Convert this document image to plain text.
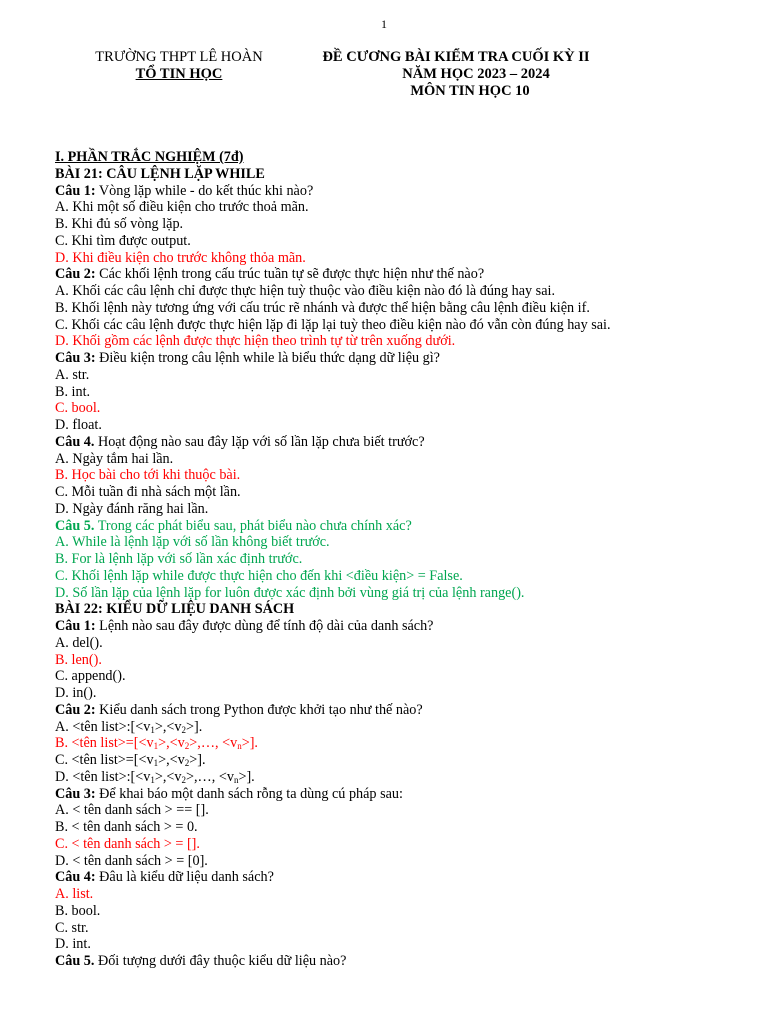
1
TRƯỜNG THPT LÊ HOÀN
TỔ TIN HỌC
ĐỀ CƯƠNG BÀI KIỂM TRA CUỐI KỲ II
NĂM HỌC 2023 – 2024
MÔN TIN HỌC 10
I. PHẦN TRẮC NGHIỆM (7đ)
BÀI 21: CÂU LỆNH LẶP WHILE
Câu 1: Vòng lặp while - do kết thúc khi nào?
A. Khi một số điều kiện cho trước thoả mãn.
B. Khi đủ số vòng lặp.
C. Khi tìm được output.
D. Khi điều kiện cho trước không thỏa mãn.
Câu 2: Các khối lệnh trong cấu trúc tuần tự sẽ được thực hiện như thế nào?
A. Khối các câu lệnh chỉ được thực hiện tuỳ thuộc vào điều kiện nào đó là đúng hay sai.
B. Khối lệnh này tương ứng với cấu trúc rẽ nhánh và được thể hiện bằng câu lệnh điều kiện if.
C. Khối các câu lệnh được thực hiện lặp đi lặp lại tuỳ theo điều kiện nào đó vẫn còn đúng hay sai.
D. Khối gồm các lệnh được thực hiện theo trình tự từ trên xuống dưới.
Câu 3: Điều kiện trong câu lệnh while là biểu thức dạng dữ liệu gì?
A. str.
B. int.
C. bool.
D. float.
Câu 4. Hoạt động nào sau đây lặp với số lần lặp chưa biết trước?
A. Ngày tắm hai lần.
B. Học bài cho tới khi thuộc bài.
C. Mỗi tuần đi nhà sách một lần.
D. Ngày đánh răng hai lần.
Câu 5. Trong các phát biểu sau, phát biểu nào chưa chính xác?
A. While là lệnh lặp với số lần không biết trước.
B. For là lệnh lặp với số lần xác định trước.
C. Khối lệnh lặp while được thực hiện cho đến khi <điều kiện> = False.
D. Số lần lặp của lệnh lặp for luôn được xác định bởi vùng giá trị của lệnh range().
BÀI 22: KIỂU DỮ LIỆU DANH SÁCH
Câu 1: Lệnh nào sau đây được dùng để tính độ dài của danh sách?
A. del().
B. len().
C. append().
D. in().
Câu 2: Kiểu danh sách trong Python được khởi tạo như thế nào?
A. <tên $list>:[<v_1>,<v_2>]$.
B. <tên $list>=[<v_1>,<v_2>,\dots$, $<v_n>$].
C. <tên $list>=[<v_1>,<v_2>]$.
D. <tên $list>:[<v_1>,<v_2>,\dots$, $<v_n>$].
Câu 3: Để khai báo một danh sách rỗng ta dùng cú pháp sau:
A. < tên danh sách > == [].
B. < tên danh sách > = 0.
C. < tên danh sách > = [].
D. < tên danh sách > = [0].
Câu 4: Đâu là kiểu dữ liệu danh sách?
A. list.
B. bool.
C. str.
D. int.
Câu 5. Đối tượng dưới đây thuộc kiểu dữ liệu nào?
